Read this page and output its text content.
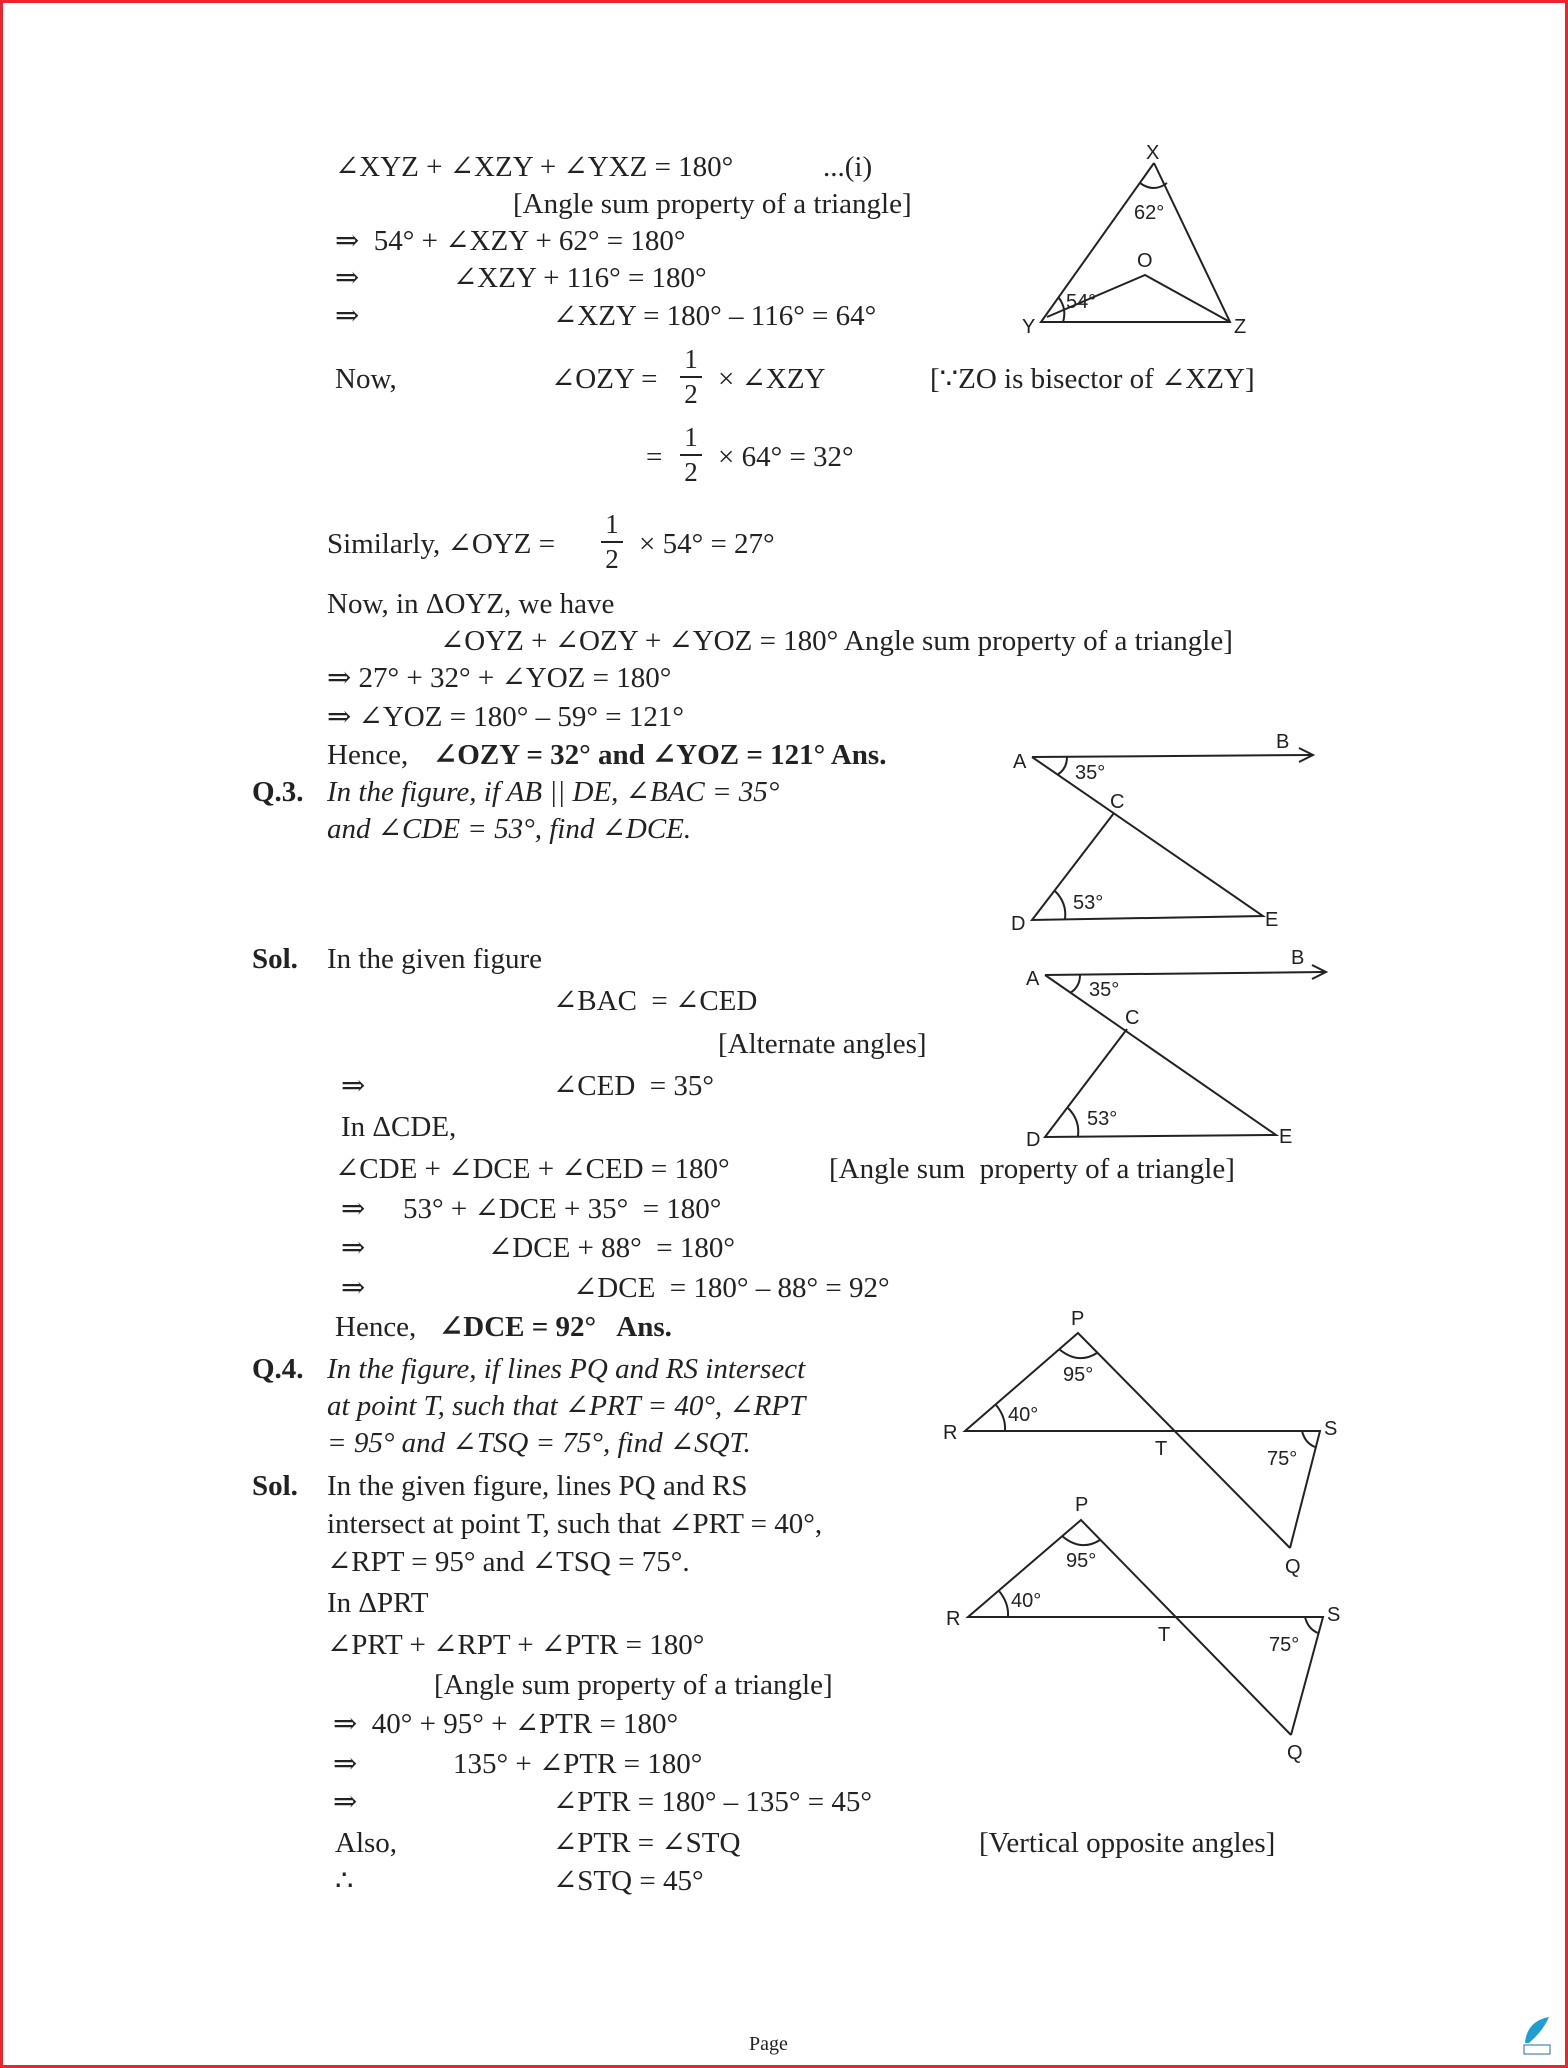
∠XYZ + ∠XZY + ∠YXZ = 180°	...(i)
[Angle sum property of a triangle]
⇒  54° + ∠XZY + 62° = 180°
⇒	∠XZY + 116° = 180°
⇒	∠XZY = 180° – 116° = 64°
Now,	∠OZY = $\frac{1}{2}$ × ∠XZY	[∵ZO is bisector of ∠XZY]
= $\frac{1}{2} \times 64^\circ = 32^\circ$
Similarly, ∠OYZ = $\frac{1}{2} \times 54^\circ = 27^\circ$
Now, in ΔOYZ, we have
∠OYZ + ∠OZY + ∠YOZ = 180° Angle sum property of a triangle]
⇒ 27° + 32° + ∠YOZ = 180°
⇒ ∠YOZ = 180° – 59° = 121°
Hence, ∠OZY = 32° and ∠YOZ = 121° Ans.
Q.3. In the figure, if AB || DE, ∠BAC = 35°
and ∠CDE = 53°, find ∠DCE.
Sol. In the given figure
∠BAC  = ∠CED
[Alternate angles]
⇒	∠CED  = 35°
In ΔCDE,
∠CDE + ∠DCE + ∠CED = 180°	[Angle sum  property of a triangle]
⇒ 53° + ∠DCE + 35°  = 180°
⇒	∠DCE + 88°  = 180°
⇒	∠DCE  = 180° – 88° = 92°
Hence, ∠DCE = 92°   Ans.
Q.4. In the figure, if lines PQ and RS intersect
at point T, such that ∠PRT = 40°, ∠RPT
= 95° and ∠TSQ = 75°, find ∠SQT.
Sol. In the given figure, lines PQ and RS
intersect at point T, such that ∠PRT = 40°,
∠RPT = 95° and ∠TSQ = 75°.
In ΔPRT
∠PRT + ∠RPT + ∠PTR = 180°
[Angle sum property of a triangle]
⇒  40° + 95° + ∠PTR = 180°
⇒	135° + ∠PTR = 180°
⇒	∠PTR = 180° – 135° = 45°
Also,	∠PTR = ∠STQ	[Vertical opposite angles]
∴	∠STQ = 45°
X
Y	Z
O
62°
54°
A
B
C
D	E
35°
53°
A
B
C
D	E
35°
53°
P
R	S
T
Q
95°
40°
75°
P
R	S
T
Q
95°
40°
75°
Page
